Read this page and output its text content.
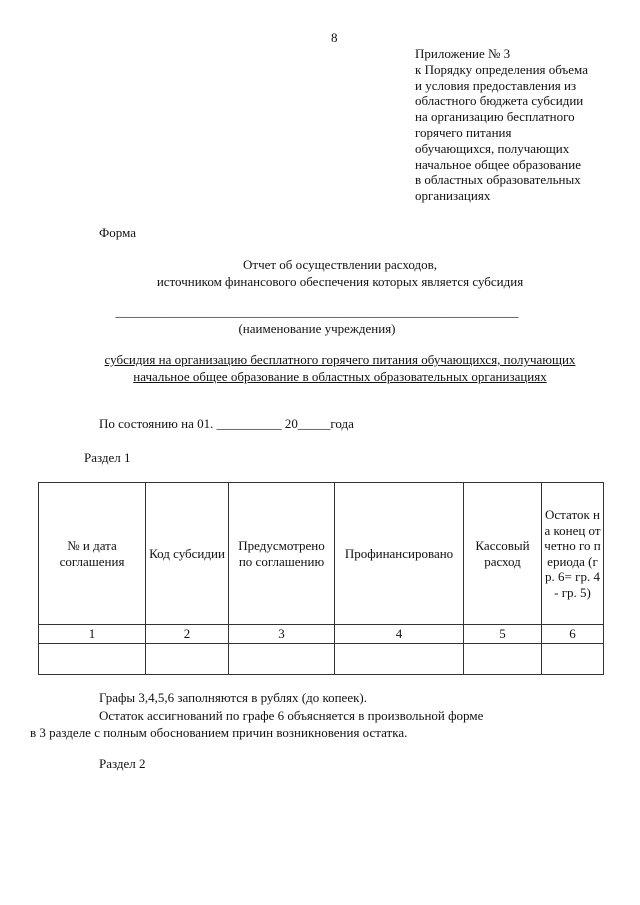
8
Приложение № 3
к Порядку определения объема
и условия предоставления из
областного бюджета субсидии
на организацию бесплатного
горячего питания
обучающихся, получающих
начальное общее образование
в областных образовательных
организациях
Форма
Отчет об осуществлении расходов,
источником финансового обеспечения которых является субсидия
______________________________________________________________
(наименование учреждения)
субсидия на организацию бесплатного горячего питания обучающихся, получающих
начальное общее образование в областных образовательных организациях
По состоянию на 01. __________ 20_____года
Раздел 1
№ и дата соглашения	Код субсидии	Предусмотрено по соглашению	Профинансировано	Кассовый расход	Остаток на конец отчетно го периода (гр. 6= гр. 4- гр. 5)
1	2	3	4	5	6

Графы 3,4,5,6 заполняются в рублях (до копеек).
Остаток ассигнований по графе 6 объясняется в произвольной форме
в 3 разделе с полным обоснованием причин возникновения остатка.
Раздел 2
